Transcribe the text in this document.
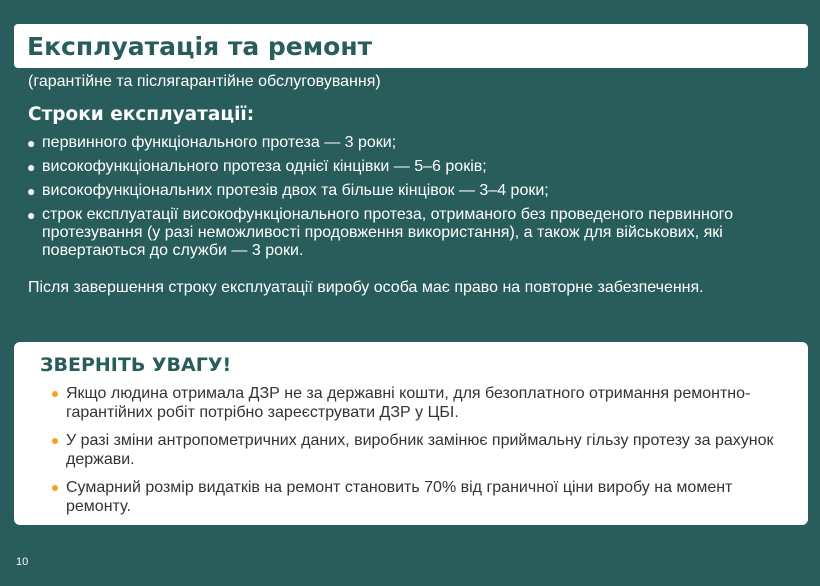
Експлуатація та ремонт
(гарантійне та післягарантійне обслуговування)
Строки експлуатації:
● первинного функціонального протеза — 3 роки;
● високофункціонального протеза однієї кінцівки — 5–6 років;
● високофункціональних протезів двох та більше кінцівок — 3–4 роки;
● строк експлуатації високофункціонального протеза, отриманого без проведеного первинного протезування (у разі неможливості продовження використання), а також для військових, які повертаються до служби — 3 роки.
Після завершення строку експлуатації виробу особа має право на повторне забезпечення.
ЗВЕРНІТЬ УВАГУ!
Якщо людина отримала ДЗР не за державні кошти, для безоплатного отримання ремонтно-гарантійних робіт потрібно зареєструвати ДЗР у ЦБІ.
У разі зміни антропометричних даних, виробник замінює приймальну гільзу протезу за рахунок держави.
Сумарний розмір видатків на ремонт становить 70% від граничної ціни виробу на момент ремонту.
10
